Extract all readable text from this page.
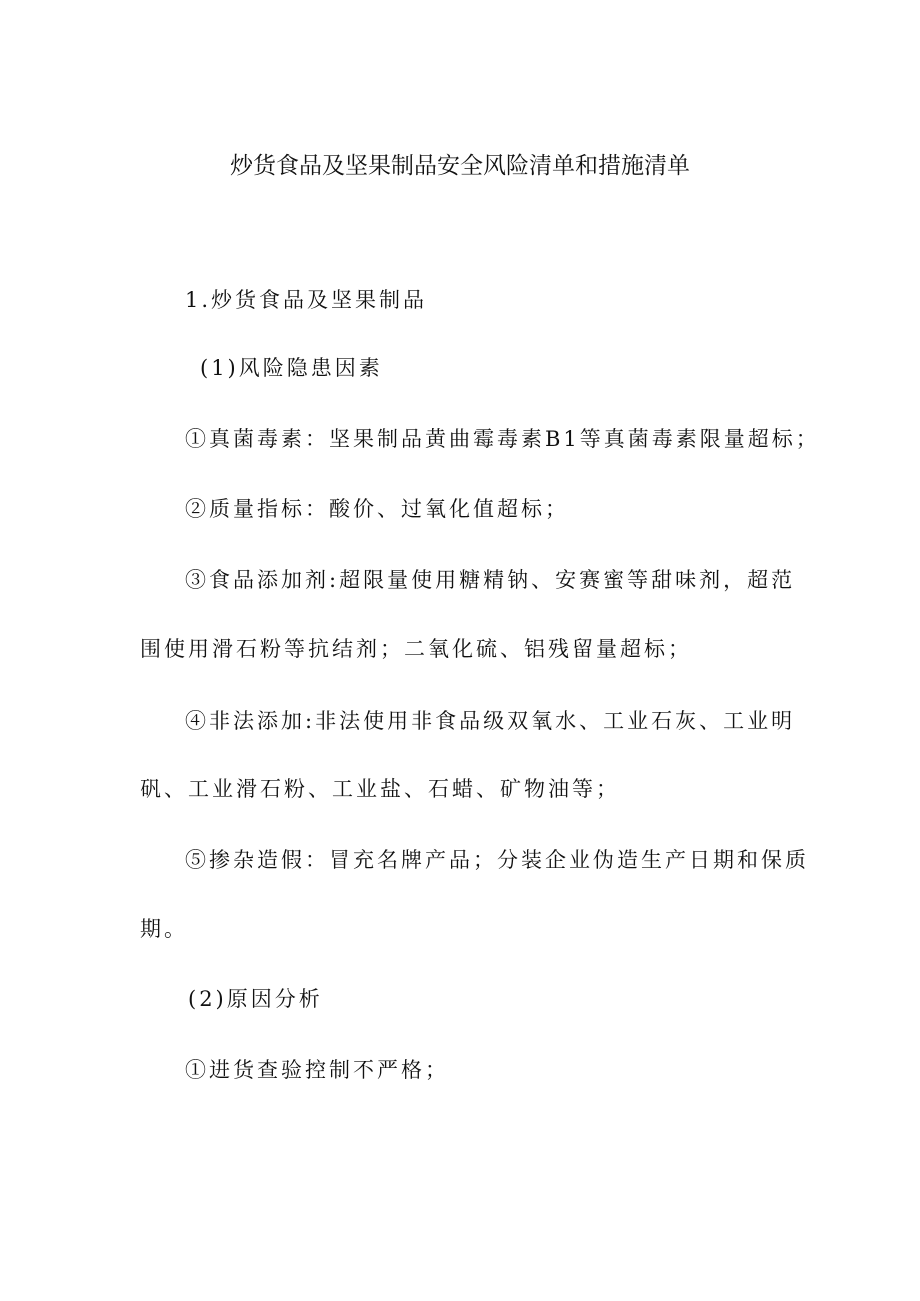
炒货食品及坚果制品安全风险清单和措施清单
1.炒货食品及坚果制品
(1)风险隐患因素
①真菌毒素：坚果制品黄曲霉毒素B1等真菌毒素限量超标；
②质量指标：酸价、过氧化值超标；
③食品添加剂:超限量使用糖精钠、安赛蜜等甜味剂，超范
围使用滑石粉等抗结剂；二氧化硫、铝残留量超标；
④非法添加:非法使用非食品级双氧水、工业石灰、工业明
矾、工业滑石粉、工业盐、石蜡、矿物油等；
⑤掺杂造假：冒充名牌产品；分装企业伪造生产日期和保质
期。
(2)原因分析
①进货查验控制不严格；
